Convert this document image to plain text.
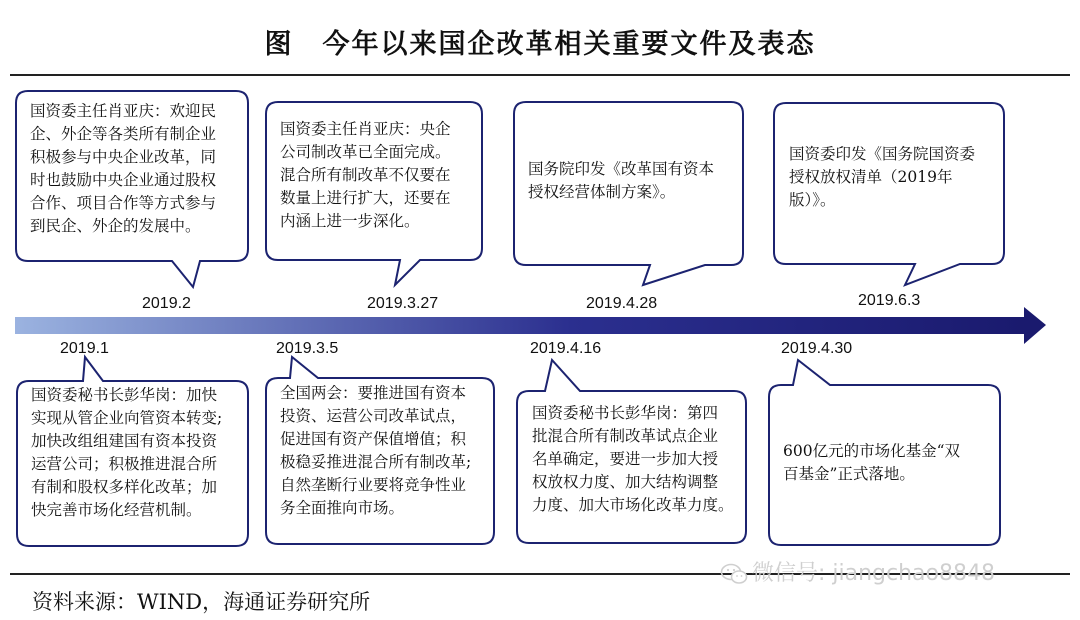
图　今年以来国企改革相关重要文件及表态
2019.2	2019.3.27	2019.4.28	2019.6.3
2019.1	2019.3.5	2019.4.16	2019.4.30
国资委主任肖亚庆：欢迎民
企、外企等各类所有制企业
积极参与中央企业改革，同
时也鼓励中央企业通过股权
合作、项目合作等方式参与
到民企、外企的发展中。
国资委主任肖亚庆：央企
公司制改革已全面完成。
混合所有制改革不仅要在
数量上进行扩大，还要在
内涵上进一步深化。
国务院印发《改革国有资本
授权经营体制方案》。
国资委印发《国务院国资委
授权放权清单（2019年
版）》。
国资委秘书长彭华岗：加快
实现从管企业向管资本转变;
加快改组组建国有资本投资
运营公司；积极推进混合所
有制和股权多样化改革；加
快完善市场化经营机制。
全国两会：要推进国有资本
投资、运营公司改革试点，
促进国有资产保值增值；积
极稳妥推进混合所有制改革;
自然垄断行业要将竞争性业
务全面推向市场。
国资委秘书长彭华岗：第四
批混合所有制改革试点企业
名单确定，要进一步加大授
权放权力度、加大结构调整
力度、加大市场化改革力度。
600亿元的市场化基金“双
百基金”正式落地。
资料来源：WIND，海通证券研究所
微信号: jiangchao8848
